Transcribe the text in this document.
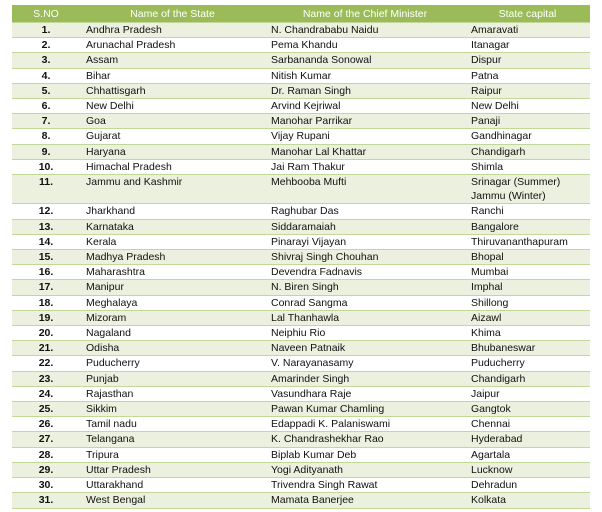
S.NO	Name of the State	Name of the Chief Minister	State capital
1.	Andhra Pradesh	N. Chandrababu Naidu	Amaravati
2.	Arunachal Pradesh	Pema Khandu	Itanagar
3.	Assam	Sarbananda Sonowal	Dispur
4.	Bihar	Nitish Kumar	Patna
5.	Chhattisgarh	Dr. Raman Singh	Raipur
6.	New Delhi	Arvind Kejriwal	New Delhi
7.	Goa	Manohar Parrikar	Panaji
8.	Gujarat	Vijay Rupani	Gandhinagar
9.	Haryana	Manohar Lal Khattar	Chandigarh
10.	Himachal Pradesh	Jai Ram Thakur	Shimla
11.	Jammu and Kashmir	Mehbooba Mufti	Srinagar (Summer)
Jammu (Winter)
12.	Jharkhand	Raghubar Das	Ranchi
13.	Karnataka	Siddaramaiah	Bangalore
14.	Kerala	Pinarayi Vijayan	Thiruvananthapuram
15.	Madhya Pradesh	Shivraj Singh Chouhan	Bhopal
16.	Maharashtra	Devendra Fadnavis	Mumbai
17.	Manipur	N. Biren Singh	Imphal
18.	Meghalaya	Conrad Sangma	Shillong
19.	Mizoram	Lal Thanhawla	Aizawl
20.	Nagaland	Neiphiu Rio	Khima
21.	Odisha	Naveen Patnaik	Bhubaneswar
22.	Puducherry	V. Narayanasamy	Puducherry
23.	Punjab	Amarinder Singh	Chandigarh
24.	Rajasthan	Vasundhara Raje	Jaipur
25.	Sikkim	Pawan Kumar Chamling	Gangtok
26.	Tamil nadu	Edappadi K. Palaniswami	Chennai
27.	Telangana	K. Chandrashekhar Rao	Hyderabad
28.	Tripura	Biplab Kumar Deb	Agartala
29.	Uttar Pradesh	Yogi Adityanath	Lucknow
30.	Uttarakhand	Trivendra Singh Rawat	Dehradun
31.	West Bengal	Mamata Banerjee	Kolkata
